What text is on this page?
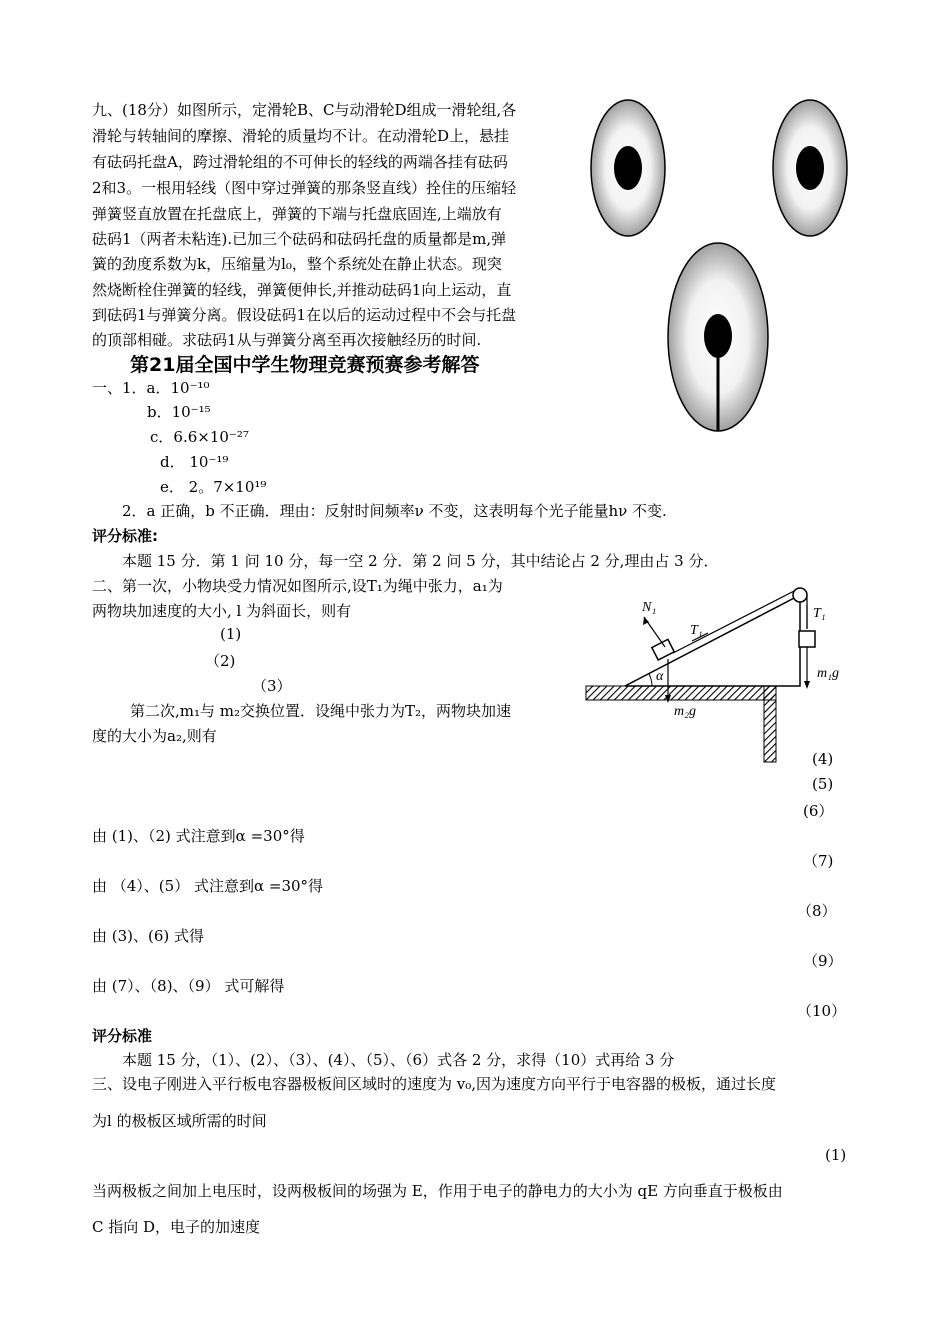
九、(18分）如图所示，定滑轮B、C与动滑轮D组成一滑轮组,各
滑轮与转轴间的摩擦、滑轮的质量均不计。在动滑轮D上，悬挂
有砝码托盘A，跨过滑轮组的不可伸长的轻线的两端各挂有砝码
2和3。一根用轻线（图中穿过弹簧的那条竖直线）拴住的压缩轻
弹簧竖直放置在托盘底上，弹簧的下端与托盘底固连,上端放有
砝码1（两者未粘连).已加三个砝码和砝码托盘的质量都是m,弹
簧的劲度系数为k，压缩量为l₀，整个系统处在静止状态。现突
然烧断栓住弹簧的轻线，弹簧便伸长,并推动砝码1向上运动，直
到砝码1与弹簧分离。假设砝码1在以后的运动过程中不会与托盘
的顶部相碰。求砝码1从与弹簧分离至再次接触经历的时间.
第21届全国中学生物理竞赛预赛参考解答
一、1．a．10⁻¹⁰
b．10⁻¹⁵
c．6.6×10⁻²⁷
d． 10⁻¹⁹
e． 2。7×10¹⁹
2．a 正确，b 不正确．理由：反射时间频率ν 不变，这表明每个光子能量hν 不变.
评分标准:
本题 15 分．第 1 问 10 分，每一空 2 分．第 2 问 5 分，其中结论占 2 分,理由占 3 分．
二、第一次，小物块受力情况如图所示,设T₁为绳中张力，a₁为
两物块加速度的大小, l 为斜面长，则有
(1)
（2)
（3）
第二次,m₁与 m₂交换位置．设绳中张力为T₂，两物块加速
度的大小为a₂,则有
(4)
(5)
(6）
由 (1)、（2) 式注意到α =30°得
（7)
由 （4）、(5） 式注意到α =30°得
（8）
由 (3)、(6) 式得
（9）
由 (7）、（8)、（9） 式可解得
（10）
评分标准
本题 15 分，（1）、(2）、（3）、(4）、（5）、（6）式各 2 分，求得（10）式再给 3 分
N₁
T₁
T₁
α
m₂g
m₁g
三、设电子刚进入平行板电容器极板间区域时的速度为 v₀,因为速度方向平行于电容器的极板，通过长度
为l 的极板区域所需的时间
(1)
当两极板之间加上电压时，设两极板间的场强为 E，作用于电子的静电力的大小为 qE 方向垂直于极板由
C 指向 D，电子的加速度
